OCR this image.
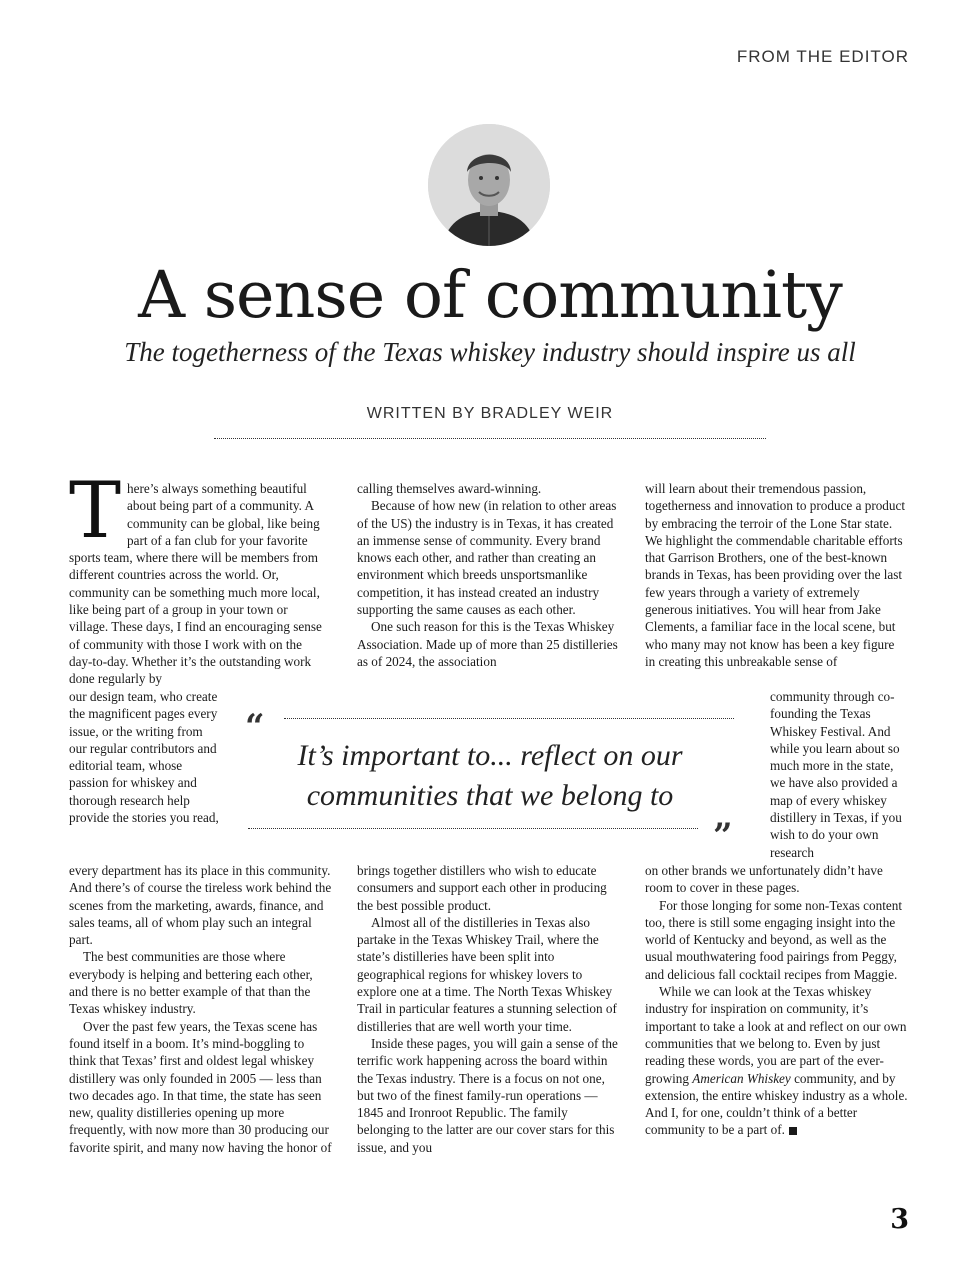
FROM THE EDITOR
A sense of community
The togetherness of the Texas whiskey industry should inspire us all
WRITTEN BY BRADLEY WEIR
There’s always something beautiful about being part of a community. A community can be global, like being part of a fan club for your favorite sports team, where there will be members from different countries across the world. Or, community can be something much more local, like being part of a group in your town or village. These days, I find an encouraging sense of community with those I work with on the day-to-day. Whether it’s the outstanding work done regularly by
our design team, who create the magnificent pages every issue, or the writing from our regular contributors and editorial team, whose passion for whiskey and thorough research help provide the stories you read,

every department has its place in this community. And there’s of course the tireless work behind the scenes from the marketing, awards, finance, and sales teams, all of whom play such an integral part.

The best communities are those where everybody is helping and bettering each other, and there is no better example of that than the Texas whiskey industry.

Over the past few years, the Texas scene has found itself in a boom. It’s mind-boggling to think that Texas’ first and oldest legal whiskey distillery was only founded in 2005 — less than two decades ago. In that time, the state has seen new, quality distilleries opening up more frequently, with now more than 30 producing our favorite spirit, and many now having the honor of

calling themselves award-winning.

Because of how new (in relation to other areas of the US) the industry is in Texas, it has created an immense sense of community. Every brand knows each other, and rather than creating an environment which breeds unsportsmanlike competition, it has instead created an industry supporting the same causes as each other.

One such reason for this is the Texas Whiskey Association. Made up of more than 25 distilleries as of 2024, the association

brings together distillers who wish to educate consumers and support each other in producing the best possible product.

Almost all of the distilleries in Texas also partake in the Texas Whiskey Trail, where the state’s distilleries have been split into geographical regions for whiskey lovers to explore one at a time. The North Texas Whiskey Trail in particular features a stunning selection of distilleries that are well worth your time.

Inside these pages, you will gain a sense of the terrific work happening across the board within the Texas industry. There is a focus on not one, but two of the finest family-run operations — 1845 and Ironroot Republic. The family belonging to the latter are our cover stars for this issue, and you

will learn about their tremendous passion, togetherness and innovation to produce a product by embracing the terroir of the Lone Star state. We highlight the commendable charitable efforts that Garrison Brothers, one of the best-known brands in Texas, has been providing over the last few years through a variety of extremely generous initiatives. You will hear from Jake Clements, a familiar face in the local scene, but who many may not know has been a key figure in creating this unbreakable sense of

community through co-founding the Texas Whiskey Festival. And while you learn about so much more in the state, we have also provided a map of every whiskey distillery in Texas, if you wish to do your own research

on other brands we unfortunately didn’t have room to cover in these pages.

For those longing for some non-Texas content too, there is still some engaging insight into the world of Kentucky and beyond, as well as the usual mouthwatering food pairings from Peggy, and delicious fall cocktail recipes from Maggie.

While we can look at the Texas whiskey industry for inspiration on community, it’s important to take a look at and reflect on our own communities that we belong to. Even by just reading these words, you are part of the ever-growing American Whiskey community, and by extension, the entire whiskey industry as a whole. And I, for one, couldn’t think of a better community to be a part of.

“
It’s important to... reflect on our communities that we belong to
”
3
